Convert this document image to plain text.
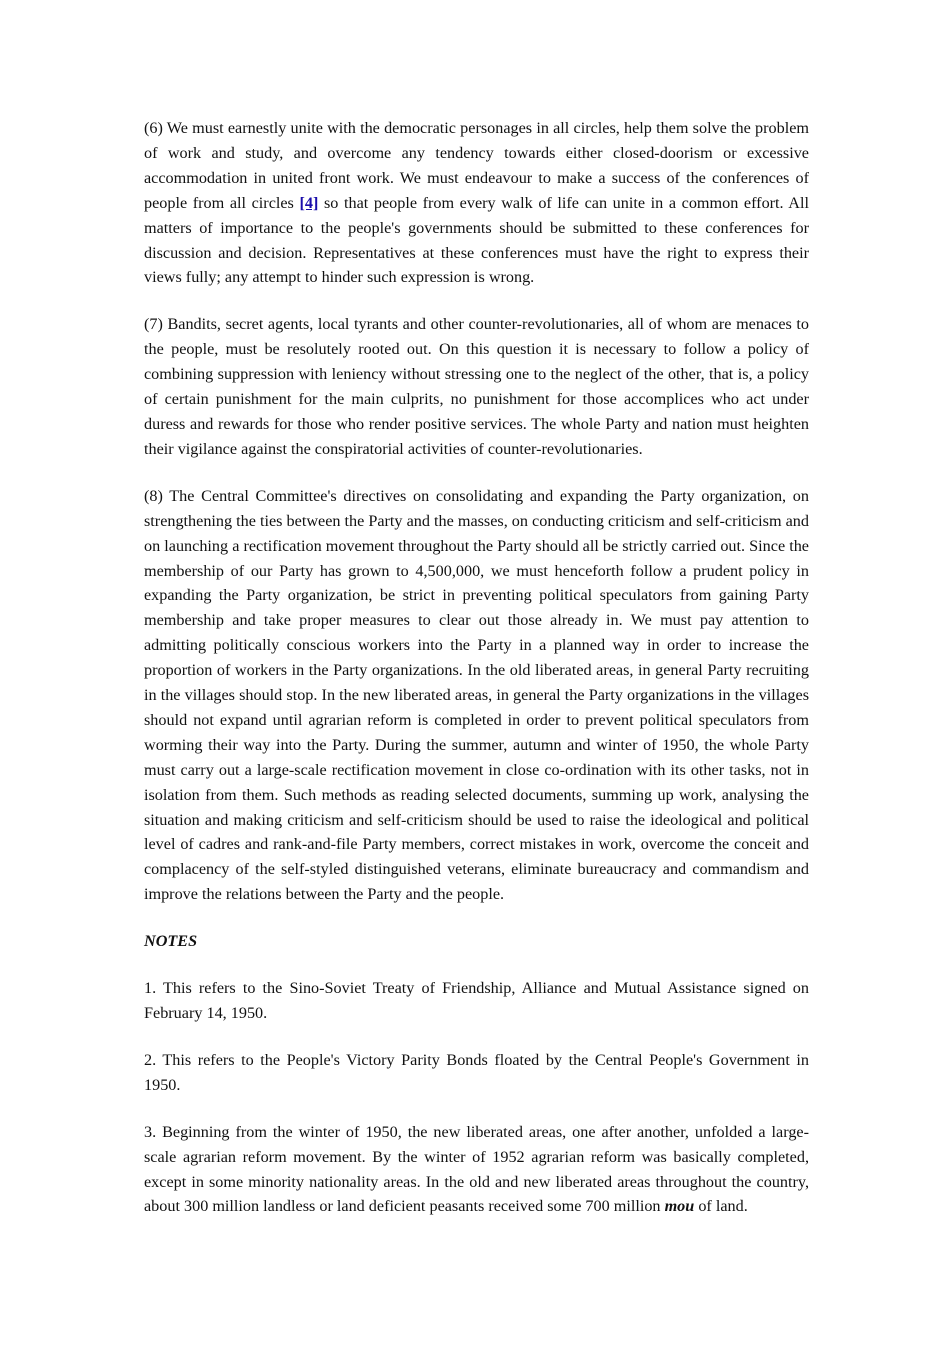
(6) We must earnestly unite with the democratic personages in all circles, help them solve the problem of work and study, and overcome any tendency towards either closed-doorism or excessive accommodation in united front work. We must endeavour to make a success of the conferences of people from all circles [4] so that people from every walk of life can unite in a common effort. All matters of importance to the people's governments should be submitted to these conferences for discussion and decision. Representatives at these conferences must have the right to express their views fully; any attempt to hinder such expression is wrong.

(7) Bandits, secret agents, local tyrants and other counter-revolutionaries, all of whom are menaces to the people, must be resolutely rooted out. On this question it is necessary to follow a policy of combining suppression with leniency without stressing one to the neglect of the other, that is, a policy of certain punishment for the main culprits, no punishment for those accomplices who act under duress and rewards for those who render positive services. The whole Party and nation must heighten their vigilance against the conspiratorial activities of counter-revolutionaries.

(8) The Central Committee's directives on consolidating and expanding the Party organization, on strengthening the ties between the Party and the masses, on conducting criticism and self-criticism and on launching a rectification movement throughout the Party should all be strictly carried out. Since the membership of our Party has grown to 4,500,000, we must henceforth follow a prudent policy in expanding the Party organization, be strict in preventing political speculators from gaining Party membership and take proper measures to clear out those already in. We must pay attention to admitting politically conscious workers into the Party in a planned way in order to increase the proportion of workers in the Party organizations. In the old liberated areas, in general Party recruiting in the villages should stop. In the new liberated areas, in general the Party organizations in the villages should not expand until agrarian reform is completed in order to prevent political speculators from worming their way into the Party. During the summer, autumn and winter of 1950, the whole Party must carry out a large-scale rectification movement in close co-ordination with its other tasks, not in isolation from them. Such methods as reading selected documents, summing up work, analysing the situation and making criticism and self-criticism should be used to raise the ideological and political level of cadres and rank-and-file Party members, correct mistakes in work, overcome the conceit and complacency of the self-styled distinguished veterans, eliminate bureaucracy and commandism and improve the relations between the Party and the people.

NOTES

1. This refers to the Sino-Soviet Treaty of Friendship, Alliance and Mutual Assistance signed on February 14, 1950.

2. This refers to the People's Victory Parity Bonds floated by the Central People's Government in 1950.

3. Beginning from the winter of 1950, the new liberated areas, one after another, unfolded a large-scale agrarian reform movement. By the winter of 1952 agrarian reform was basically completed, except in some minority nationality areas. In the old and new liberated areas throughout the country, about 300 million landless or land deficient peasants received some 700 million mou of land.
